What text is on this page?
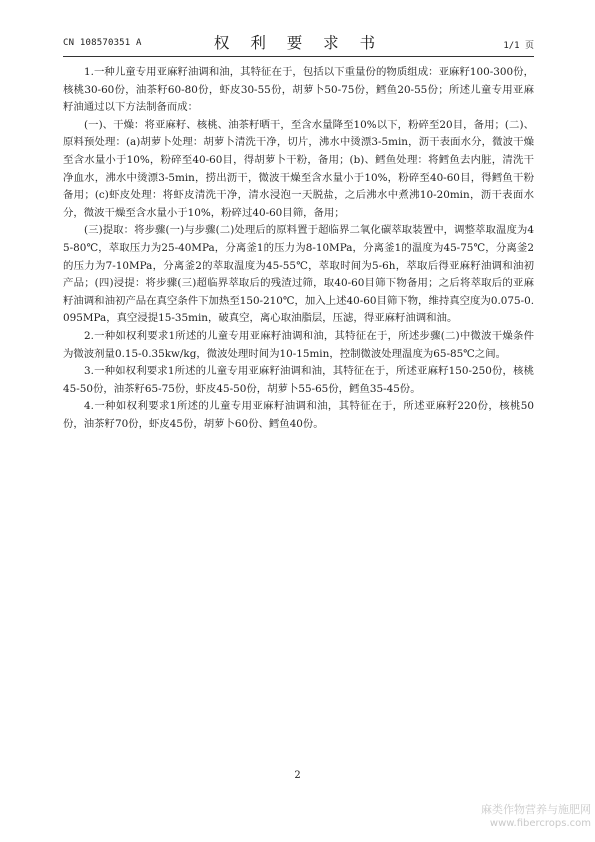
CN 108570351 A	权 利 要 求 书	1/1 页

1.一种儿童专用亚麻籽油调和油，其特征在于，包括以下重量份的物质组成：亚麻籽100-300份，核桃30-60份，油茶籽60-80份，虾皮30-55份，胡萝卜50-75份，鳕鱼20-55份；所述儿童专用亚麻籽油通过以下方法制备而成：

(一)、干燥：将亚麻籽、核桃、油茶籽晒干，至含水量降至10%以下，粉碎至20目，备用；(二)、原料预处理：(a)胡萝卜处理：胡萝卜清洗干净，切片，沸水中烫漂3-5min，沥干表面水分，微波干燥至含水量小于10%，粉碎至40-60目，得胡萝卜干粉，备用；(b)、鳕鱼处理：将鳕鱼去内脏，清洗干净血水，沸水中烫漂3-5min，捞出沥干，微波干燥至含水量小于10%，粉碎至40-60目，得鳕鱼干粉备用；(c)虾皮处理：将虾皮清洗干净，清水浸泡一天脱盐，之后沸水中煮沸10-20min，沥干表面水分，微波干燥至含水量小于10%，粉碎过40-60目筛，备用；

(三)提取：将步骤(一)与步骤(二)处理后的原料置于超临界二氧化碳萃取装置中，调整萃取温度为45-80℃，萃取压力为25-40MPa，分离釜1的压力为8-10MPa，分离釜1的温度为45-75℃，分离釜2的压力为7-10MPa，分离釜2的萃取温度为45-55℃，萃取时间为5-6h，萃取后得亚麻籽油调和油初产品；(四)浸提：将步骤(三)超临界萃取后的残渣过筛，取40-60目筛下物备用；之后将萃取后的亚麻籽油调和油初产品在真空条件下加热至150-210℃，加入上述40-60目筛下物，维持真空度为0.075-0.095MPa，真空浸提15-35min，破真空，离心取油脂层，压滤，得亚麻籽油调和油。

2.一种如权利要求1所述的儿童专用亚麻籽油调和油，其特征在于，所述步骤(二)中微波干燥条件为微波剂量0.15-0.35kw/kg，微波处理时间为10-15min，控制微波处理温度为65-85℃之间。

3.一种如权利要求1所述的儿童专用亚麻籽油调和油，其特征在于，所述亚麻籽150-250份，核桃45-50份，油茶籽65-75份，虾皮45-50份，胡萝卜55-65份，鳕鱼35-45份。

4.一种如权利要求1所述的儿童专用亚麻籽油调和油，其特征在于，所述亚麻籽220份，核桃50份，油茶籽70份，虾皮45份，胡萝卜60份、鳕鱼40份。

2
麻类作物营养与施肥网
www.fibercrops.com
